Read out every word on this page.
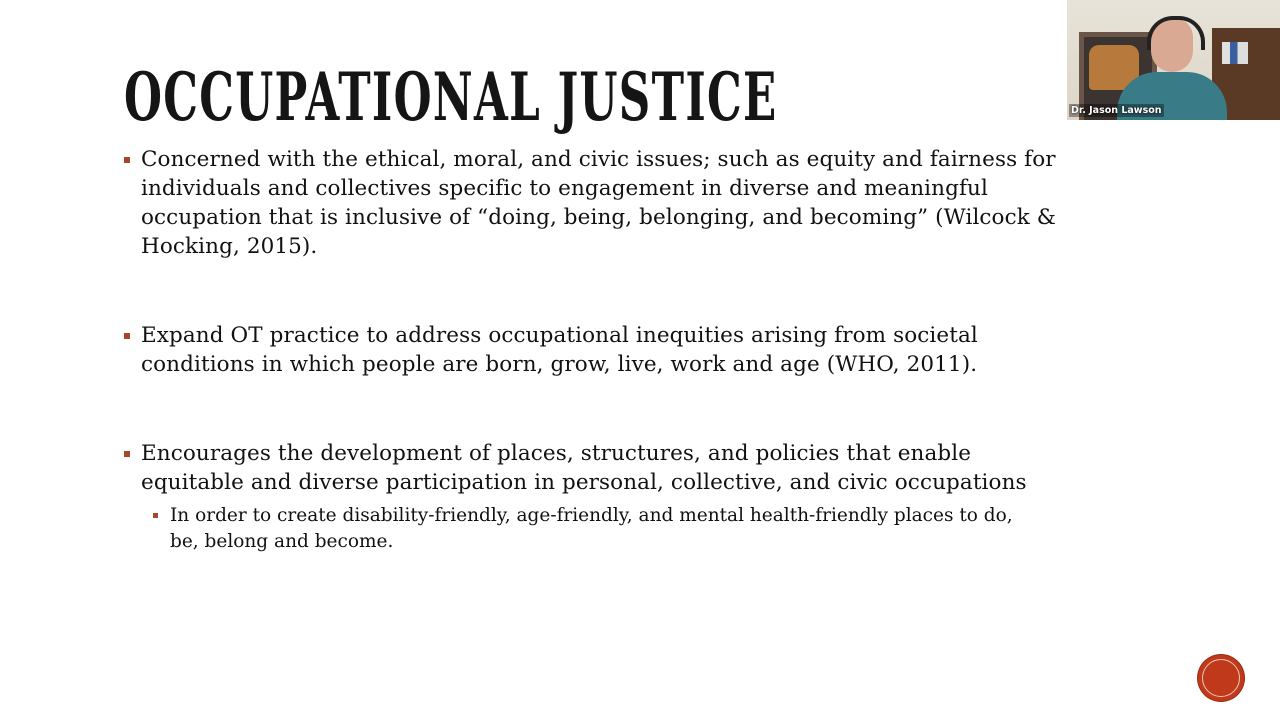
OCCUPATIONAL JUSTICE
Concerned with the ethical, moral, and civic issues; such as equity and fairness for
individuals and collectives specific to engagement in diverse and meaningful
occupation that is inclusive of “doing, being, belonging, and becoming” (Wilcock &
Hocking, 2015).
Expand OT practice to address occupational inequities arising from societal
conditions in which people are born, grow, live, work and age (WHO, 2011).
Encourages the development of places, structures, and policies that enable
equitable and diverse participation in personal, collective, and civic occupations
In order to create disability-friendly, age-friendly, and mental health-friendly places to do,
be, belong and become.
Dr. Jason Lawson
